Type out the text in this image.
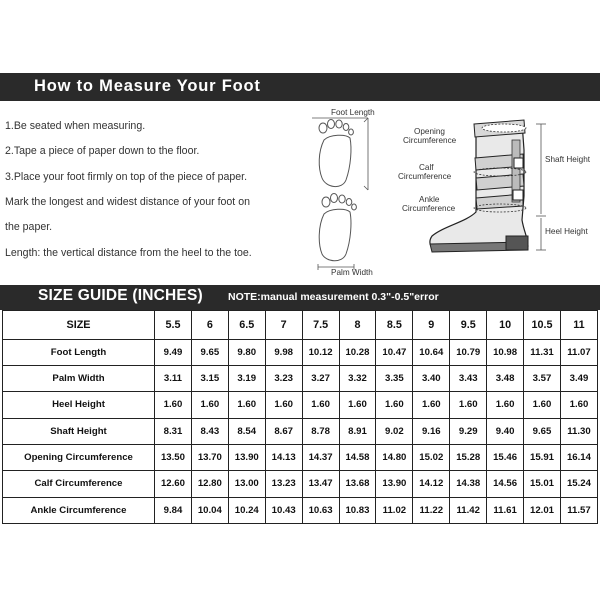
How to Measure Your Foot
1.Be seated when measuring.
2.Tape a piece of paper down to the floor.
3.Place your foot firmly on top of the piece of paper.
Mark the longest and widest distance of your foot on
the paper.
Length: the vertical distance from the heel to the toe.
Foot Length
Palm Width
Opening
Circumference
Calf
Circumference
Ankle
Circumference
Shaft Height
Heel Height
SIZE GUIDE (INCHES) NOTE:manual measurement 0.3"-0.5"error
SIZE	5.5	6	6.5	7	7.5	8	8.5	9	9.5	10	10.5	11
Foot Length	9.49	9.65	9.80	9.98	10.12	10.28	10.47	10.64	10.79	10.98	11.31	11.07
Palm Width	3.11	3.15	3.19	3.23	3.27	3.32	3.35	3.40	3.43	3.48	3.57	3.49
Heel Height	1.60	1.60	1.60	1.60	1.60	1.60	1.60	1.60	1.60	1.60	1.60	1.60
Shaft Height	8.31	8.43	8.54	8.67	8.78	8.91	9.02	9.16	9.29	9.40	9.65	11.30
Opening Circumference	13.50	13.70	13.90	14.13	14.37	14.58	14.80	15.02	15.28	15.46	15.91	16.14
Calf Circumference	12.60	12.80	13.00	13.23	13.47	13.68	13.90	14.12	14.38	14.56	15.01	15.24
Ankle Circumference	9.84	10.04	10.24	10.43	10.63	10.83	11.02	11.22	11.42	11.61	12.01	11.57
